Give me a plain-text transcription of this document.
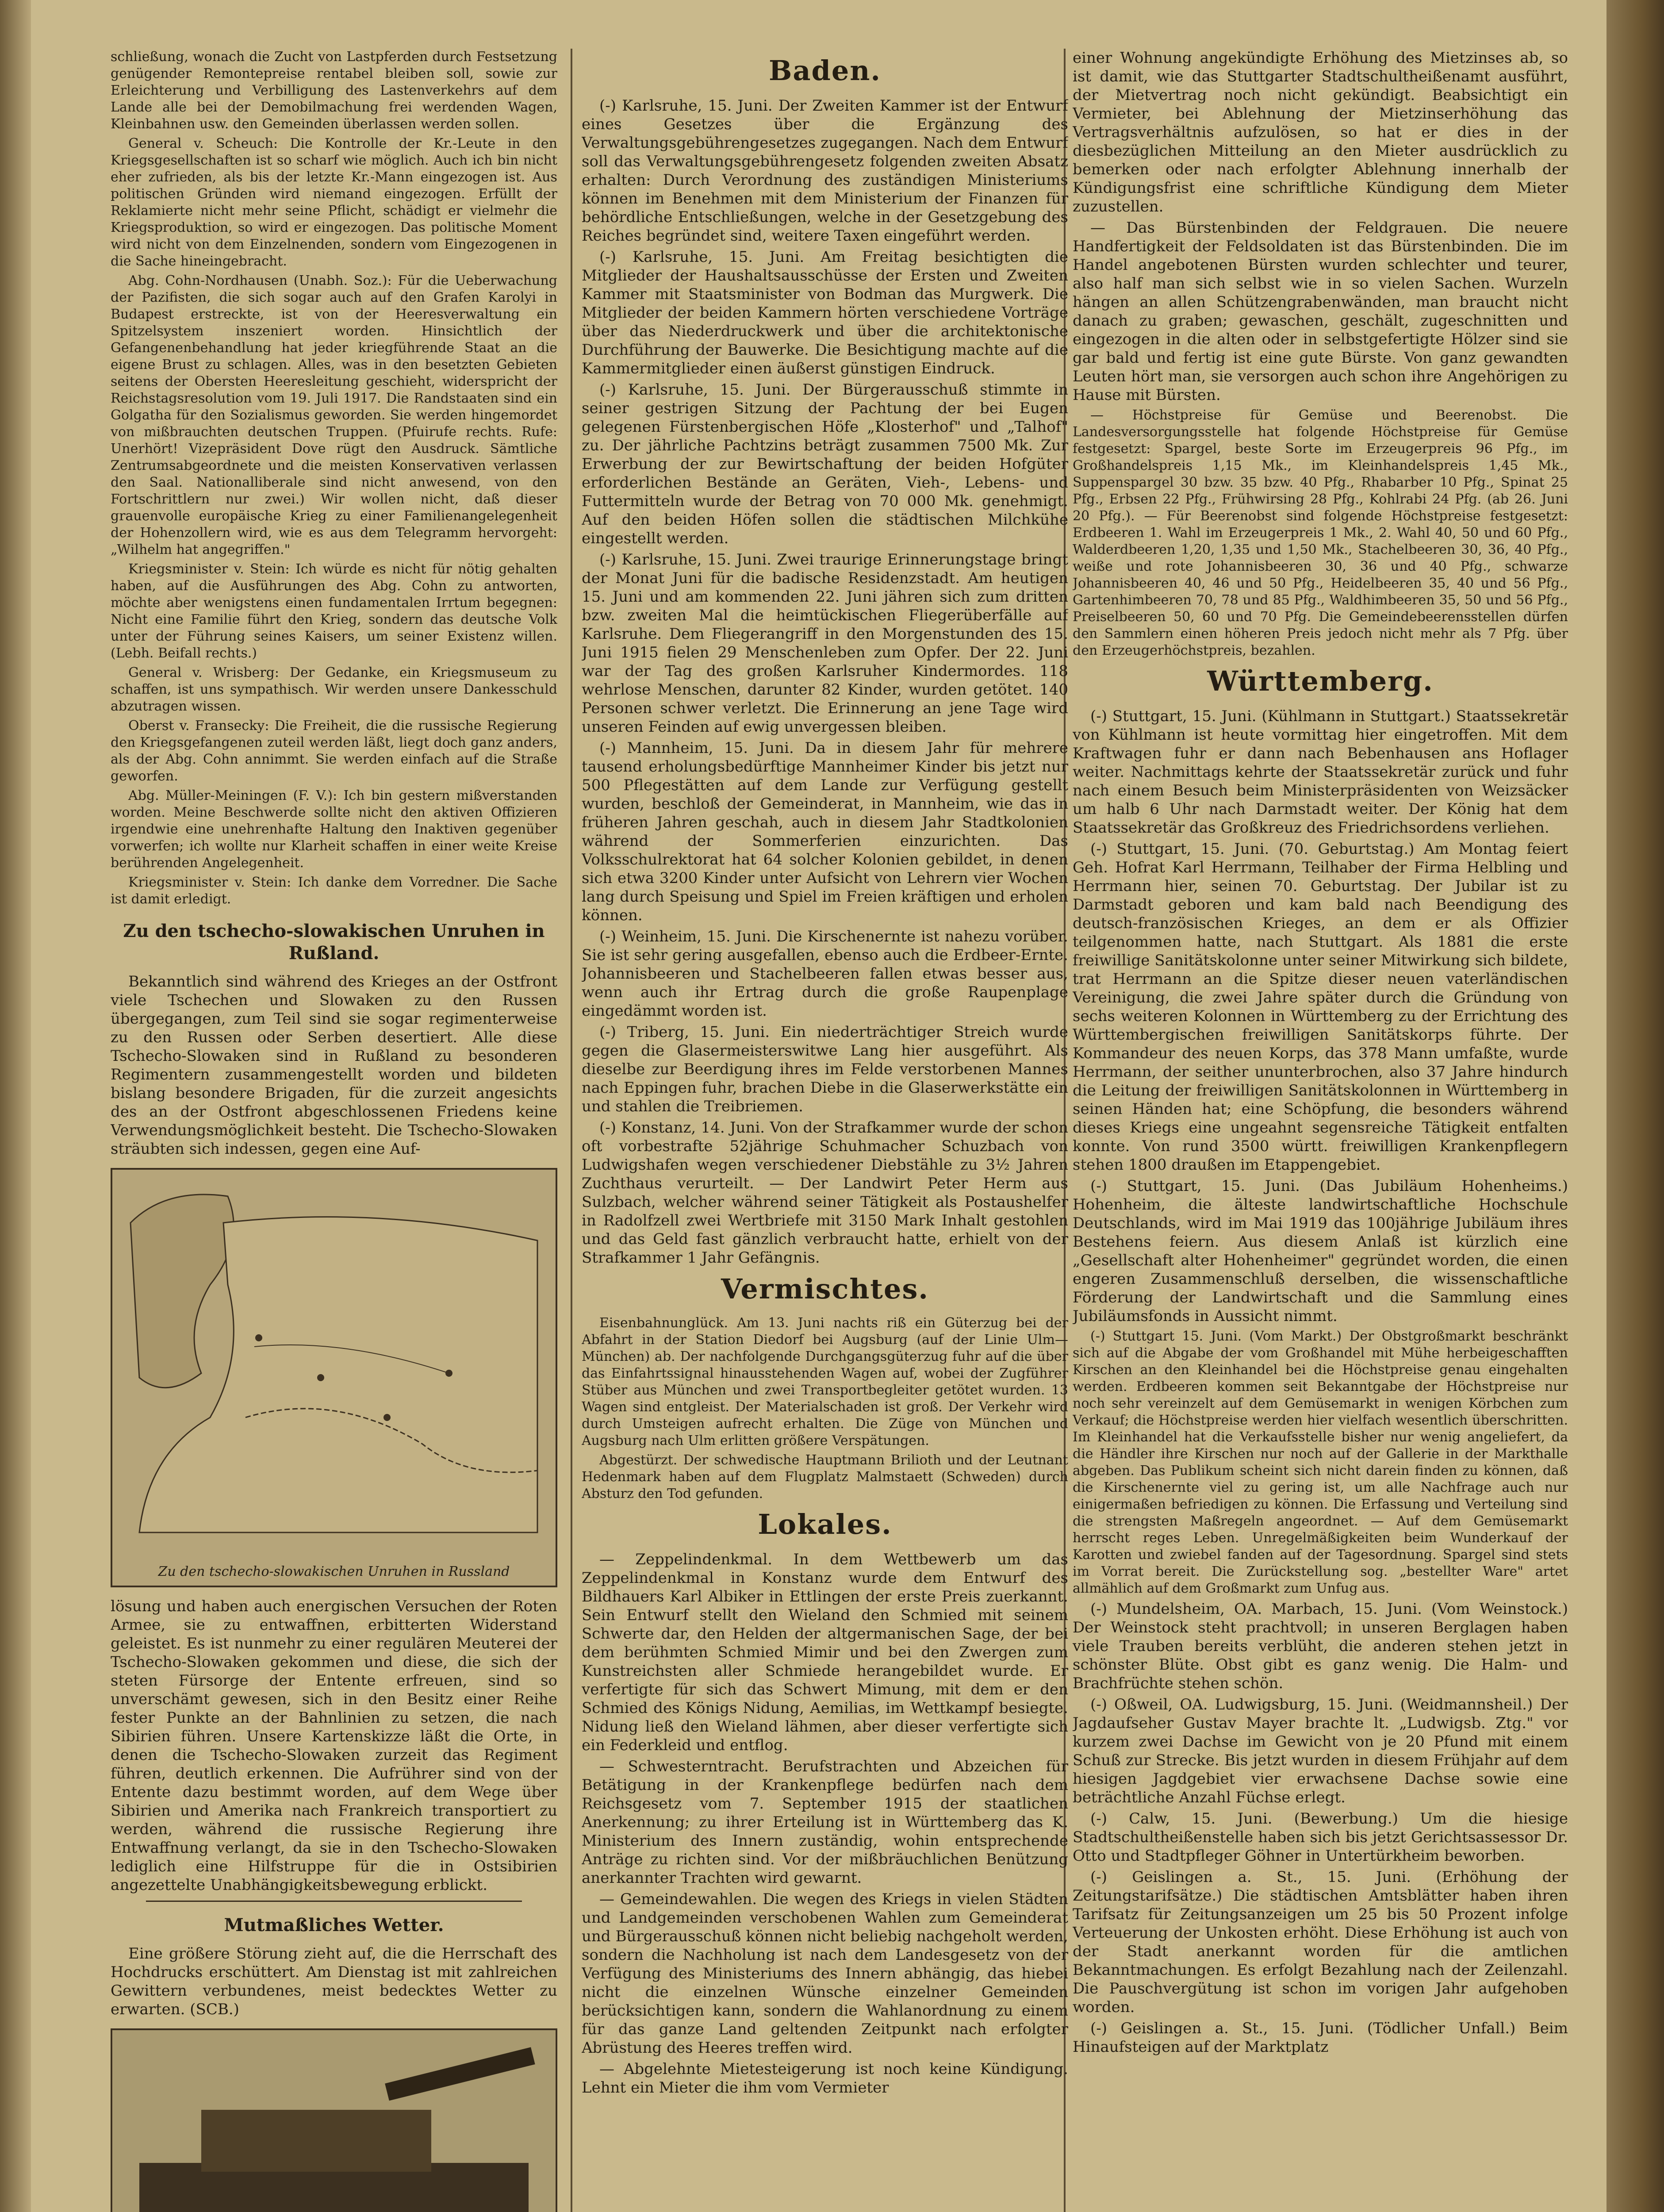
schließung, wonach die Zucht von Lastpferden durch Festsetzung genügender Remontepreise rentabel bleiben soll, sowie zur Erleichterung und Verbilligung des Lastenverkehrs auf dem Lande alle bei der Demobilmachung frei werdenden Wagen, Kleinbahnen usw. den Gemeinden überlassen werden sollen.

General v. Scheuch: Die Kontrolle der Kr.-Leute in den Kriegsgesellschaften ist so scharf wie möglich. Auch ich bin nicht eher zufrieden, als bis der letzte Kr.-Mann eingezogen ist. Aus politischen Gründen wird niemand eingezogen. Erfüllt der Reklamierte nicht mehr seine Pflicht, schädigt er vielmehr die Kriegsproduktion, so wird er eingezogen. Das politische Moment wird nicht von dem Einzelnenden, sondern vom Eingezogenen in die Sache hineingebracht.

Abg. Cohn-Nordhausen (Unabh. Soz.): Für die Ueberwachung der Pazifisten, die sich sogar auch auf den Grafen Karolyi in Budapest erstreckte, ist von der Heeresverwaltung ein Spitzelsystem inszeniert worden. Hinsichtlich der Gefangenenbehandlung hat jeder kriegführende Staat an die eigene Brust zu schlagen. Alles, was in den besetzten Gebieten seitens der Obersten Heeresleitung geschieht, widerspricht der Reichstagsresolution vom 19. Juli 1917. Die Randstaaten sind ein Golgatha für den Sozialismus geworden. Sie werden hingemordet von mißbrauchten deutschen Truppen. (Pfuirufe rechts. Rufe: Unerhört! Vizepräsident Dove rügt den Ausdruck. Sämtliche Zentrumsabgeordnete und die meisten Konservativen verlassen den Saal. Nationalliberale sind nicht anwesend, von den Fortschrittlern nur zwei.) Wir wollen nicht, daß dieser grauenvolle europäische Krieg zu einer Familienangelegenheit der Hohenzollern wird, wie es aus dem Telegramm hervorgeht: „Wilhelm hat angegriffen."

Kriegsminister v. Stein: Ich würde es nicht für nötig gehalten haben, auf die Ausführungen des Abg. Cohn zu antworten, möchte aber wenigstens einen fundamentalen Irrtum begegnen: Nicht eine Familie führt den Krieg, sondern das deutsche Volk unter der Führung seines Kaisers, um seiner Existenz willen. (Lebh. Beifall rechts.)

General v. Wrisberg: Der Gedanke, ein Kriegsmuseum zu schaffen, ist uns sympathisch. Wir werden unsere Dankesschuld abzutragen wissen.

Oberst v. Fransecky: Die Freiheit, die die russische Regierung den Kriegsgefangenen zuteil werden läßt, liegt doch ganz anders, als der Abg. Cohn annimmt. Sie werden einfach auf die Straße geworfen.

Abg. Müller-Meiningen (F. V.): Ich bin gestern mißverstanden worden. Meine Beschwerde sollte nicht den aktiven Offizieren irgendwie eine unehrenhafte Haltung den Inaktiven gegenüber vorwerfen; ich wollte nur Klarheit schaffen in einer weite Kreise berührenden Angelegenheit.

Kriegsminister v. Stein: Ich danke dem Vorredner. Die Sache ist damit erledigt.

Zu den tschecho-slowakischen Unruhen in Rußland.

Bekanntlich sind während des Krieges an der Ostfront viele Tschechen und Slowaken zu den Russen übergegangen, zum Teil sind sie sogar regimenterweise zu den Russen oder Serben desertiert. Alle diese Tschecho-Slowaken sind in Rußland zu besonderen Regimentern zusammengestellt worden und bildeten bislang besondere Brigaden, für die zurzeit angesichts des an der Ostfront abgeschlossenen Friedens keine Verwendungsmöglichkeit besteht. Die Tschecho-Slowaken sträubten sich indessen, gegen eine Auf-

Zu den tschecho-slowakischen Unruhen in Russland

lösung und haben auch energischen Versuchen der Roten Armee, sie zu entwaffnen, erbitterten Widerstand geleistet. Es ist nunmehr zu einer regulären Meuterei der Tschecho-Slowaken gekommen und diese, die sich der steten Fürsorge der Entente erfreuen, sind so unverschämt gewesen, sich in den Besitz einer Reihe fester Punkte an der Bahnlinien zu setzen, die nach Sibirien führen. Unsere Kartenskizze läßt die Orte, in denen die Tschecho-Slowaken zurzeit das Regiment führen, deutlich erkennen. Die Aufrührer sind von der Entente dazu bestimmt worden, auf dem Wege über Sibirien und Amerika nach Frankreich transportiert zu werden, während die russische Regierung ihre Entwaffnung verlangt, da sie in den Tschecho-Slowaken lediglich eine Hilfstruppe für die in Ostsibirien angezettelte Unabhängigkeitsbewegung erblickt.

Mutmaßliches Wetter.

Eine größere Störung zieht auf, die die Herrschaft des Hochdrucks erschüttert. Am Dienstag ist mit zahlreichen Gewittern verbundenes, meist bedecktes Wetter zu erwarten. (SCB.)

Baden.

(-) Karlsruhe, 15. Juni. Der Zweiten Kammer ist der Entwurf eines Gesetzes über die Ergänzung des Verwaltungsgebührengesetzes zugegangen. Nach dem Entwurf soll das Verwaltungsgebührengesetz folgenden zweiten Absatz erhalten: Durch Verordnung des zuständigen Ministeriums können im Benehmen mit dem Ministerium der Finanzen für behördliche Entschließungen, welche in der Gesetzgebung des Reiches begründet sind, weitere Taxen eingeführt werden.

(-) Karlsruhe, 15. Juni. Am Freitag besichtigten die Mitglieder der Haushaltsausschüsse der Ersten und Zweiten Kammer mit Staatsminister von Bodman das Murgwerk. Die Mitglieder der beiden Kammern hörten verschiedene Vorträge über das Niederdruckwerk und über die architektonische Durchführung der Bauwerke. Die Besichtigung machte auf die Kammermitglieder einen äußerst günstigen Eindruck.

(-) Karlsruhe, 15. Juni. Der Bürgerausschuß stimmte in seiner gestrigen Sitzung der Pachtung der bei Eugen gelegenen Fürstenbergischen Höfe „Klosterhof" und „Talhof" zu. Der jährliche Pachtzins beträgt zusammen 7500 Mk. Zur Erwerbung der zur Bewirtschaftung der beiden Hofgüter erforderlichen Bestände an Geräten, Vieh-, Lebens- und Futtermitteln wurde der Betrag von 70 000 Mk. genehmigt. Auf den beiden Höfen sollen die städtischen Milchkühe eingestellt werden.

(-) Karlsruhe, 15. Juni. Zwei traurige Erinnerungstage bringt der Monat Juni für die badische Residenzstadt. Am heutigen 15. Juni und am kommenden 22. Juni jähren sich zum dritten bzw. zweiten Mal die heimtückischen Fliegerüberfälle auf Karlsruhe. Dem Fliegerangriff in den Morgenstunden des 15. Juni 1915 fielen 29 Menschenleben zum Opfer. Der 22. Juni war der Tag des großen Karlsruher Kindermordes. 118 wehrlose Menschen, darunter 82 Kinder, wurden getötet. 140 Personen schwer verletzt. Die Erinnerung an jene Tage wird unseren Feinden auf ewig unvergessen bleiben.

(-) Mannheim, 15. Juni. Da in diesem Jahr für mehrere tausend erholungsbedürftige Mannheimer Kinder bis jetzt nur 500 Pflegestätten auf dem Lande zur Verfügung gestellt wurden, beschloß der Gemeinderat, in Mannheim, wie das in früheren Jahren geschah, auch in diesem Jahr Stadtkolonien während der Sommerferien einzurichten. Das Volksschulrektorat hat 64 solcher Kolonien gebildet, in denen sich etwa 3200 Kinder unter Aufsicht von Lehrern vier Wochen lang durch Speisung und Spiel im Freien kräftigen und erholen können.

(-) Weinheim, 15. Juni. Die Kirschenernte ist nahezu vorüber. Sie ist sehr gering ausgefallen, ebenso auch die Erdbeer-Ernte. Johannisbeeren und Stachelbeeren fallen etwas besser aus, wenn auch ihr Ertrag durch die große Raupenplage eingedämmt worden ist.

(-) Triberg, 15. Juni. Ein niederträchtiger Streich wurde gegen die Glasermeisterswitwe Lang hier ausgeführt. Als dieselbe zur Beerdigung ihres im Felde verstorbenen Mannes nach Eppingen fuhr, brachen Diebe in die Glaserwerkstätte ein und stahlen die Treibriemen.

(-) Konstanz, 14. Juni. Von der Strafkammer wurde der schon oft vorbestrafte 52jährige Schuhmacher Schuzbach von Ludwigshafen wegen verschiedener Diebstähle zu 3½ Jahren Zuchthaus verurteilt. — Der Landwirt Peter Herm aus Sulzbach, welcher während seiner Tätigkeit als Postaushelfer in Radolfzell zwei Wertbriefe mit 3150 Mark Inhalt gestohlen und das Geld fast gänzlich verbraucht hatte, erhielt von der Strafkammer 1 Jahr Gefängnis.

Vermischtes.

Eisenbahnunglück. Am 13. Juni nachts riß ein Güterzug bei der Abfahrt in der Station Diedorf bei Augsburg (auf der Linie Ulm—München) ab. Der nachfolgende Durchgangsgüterzug fuhr auf die über das Einfahrtssignal hinausstehenden Wagen auf, wobei der Zugführer Stüber aus München und zwei Transportbegleiter getötet wurden. 13 Wagen sind entgleist. Der Materialschaden ist groß. Der Verkehr wird durch Umsteigen aufrecht erhalten. Die Züge von München und Augsburg nach Ulm erlitten größere Verspätungen.

Abgestürzt. Der schwedische Hauptmann Brilioth und der Leutnant Hedenmark haben auf dem Flugplatz Malmstaett (Schweden) durch Absturz den Tod gefunden.

Lokales.

— Zeppelindenkmal. In dem Wettbewerb um das Zeppelindenkmal in Konstanz wurde dem Entwurf des Bildhauers Karl Albiker in Ettlingen der erste Preis zuerkannt. Sein Entwurf stellt den Wieland den Schmied mit seinem Schwerte dar, den Helden der altgermanischen Sage, der bei dem berühmten Schmied Mimir und bei den Zwergen zum Kunstreichsten aller Schmiede herangebildet wurde. Er verfertigte für sich das Schwert Mimung, mit dem er den Schmied des Königs Nidung, Aemilias, im Wettkampf besiegte. Nidung ließ den Wieland lähmen, aber dieser verfertigte sich ein Federkleid und entflog.

— Schwesterntracht. Berufstrachten und Abzeichen für Betätigung in der Krankenpflege bedürfen nach dem Reichsgesetz vom 7. September 1915 der staatlichen Anerkennung; zu ihrer Erteilung ist in Württemberg das K. Ministerium des Innern zuständig, wohin entsprechende Anträge zu richten sind. Vor der mißbräuchlichen Benützung anerkannter Trachten wird gewarnt.

— Gemeindewahlen. Die wegen des Kriegs in vielen Städten und Landgemeinden verschobenen Wahlen zum Gemeinderat und Bürgerausschuß können nicht beliebig nachgeholt werden, sondern die Nachholung ist nach dem Landesgesetz von der Verfügung des Ministeriums des Innern abhängig, das hiebei nicht die einzelnen Wünsche einzelner Gemeinden berücksichtigen kann, sondern die Wahlanordnung zu einem für das ganze Land geltenden Zeitpunkt nach erfolgter Abrüstung des Heeres treffen wird.

— Abgelehnte Mietesteigerung ist noch keine Kündigung. Lehnt ein Mieter die ihm vom Vermieter

einer Wohnung angekündigte Erhöhung des Mietzinses ab, so ist damit, wie das Stuttgarter Stadtschultheißenamt ausführt, der Mietvertrag noch nicht gekündigt. Beabsichtigt ein Vermieter, bei Ablehnung der Mietzinserhöhung das Vertragsverhältnis aufzulösen, so hat er dies in der diesbezüglichen Mitteilung an den Mieter ausdrücklich zu bemerken oder nach erfolgter Ablehnung innerhalb der Kündigungsfrist eine schriftliche Kündigung dem Mieter zuzustellen.

— Das Bürstenbinden der Feldgrauen. Die neuere Handfertigkeit der Feldsoldaten ist das Bürstenbinden. Die im Handel angebotenen Bürsten wurden schlechter und teurer, also half man sich selbst wie in so vielen Sachen. Wurzeln hängen an allen Schützengrabenwänden, man braucht nicht danach zu graben; gewaschen, geschält, zugeschnitten und eingezogen in die alten oder in selbstgefertigte Hölzer sind sie gar bald und fertig ist eine gute Bürste. Von ganz gewandten Leuten hört man, sie versorgen auch schon ihre Angehörigen zu Hause mit Bürsten.

— Höchstpreise für Gemüse und Beerenobst. Die Landesversorgungsstelle hat folgende Höchstpreise für Gemüse festgesetzt: Spargel, beste Sorte im Erzeugerpreis 96 Pfg., im Großhandelspreis 1,15 Mk., im Kleinhandelspreis 1,45 Mk., Suppenspargel 30 bzw. 35 bzw. 40 Pfg., Rhabarber 10 Pfg., Spinat 25 Pfg., Erbsen 22 Pfg., Frühwirsing 28 Pfg., Kohlrabi 24 Pfg. (ab 26. Juni 20 Pfg.). — Für Beerenobst sind folgende Höchstpreise festgesetzt: Erdbeeren 1. Wahl im Erzeugerpreis 1 Mk., 2. Wahl 40, 50 und 60 Pfg., Walderdbeeren 1,20, 1,35 und 1,50 Mk., Stachelbeeren 30, 36, 40 Pfg., weiße und rote Johannisbeeren 30, 36 und 40 Pfg., schwarze Johannisbeeren 40, 46 und 50 Pfg., Heidelbeeren 35, 40 und 56 Pfg., Gartenhimbeeren 70, 78 und 85 Pfg., Waldhimbeeren 35, 50 und 56 Pfg., Preiselbeeren 50, 60 und 70 Pfg. Die Gemeindebeerensstellen dürfen den Sammlern einen höheren Preis jedoch nicht mehr als 7 Pfg. über den Erzeugerhöchstpreis, bezahlen.

Württemberg.

(-) Stuttgart, 15. Juni. (Kühlmann in Stuttgart.) Staatssekretär von Kühlmann ist heute vormittag hier eingetroffen. Mit dem Kraftwagen fuhr er dann nach Bebenhausen ans Hoflager weiter. Nachmittags kehrte der Staatssekretär zurück und fuhr nach einem Besuch beim Ministerpräsidenten von Weizsäcker um halb 6 Uhr nach Darmstadt weiter. Der König hat dem Staatssekretär das Großkreuz des Friedrichsordens verliehen.

(-) Stuttgart, 15. Juni. (70. Geburtstag.) Am Montag feiert Geh. Hofrat Karl Herrmann, Teilhaber der Firma Helbling und Herrmann hier, seinen 70. Geburtstag. Der Jubilar ist zu Darmstadt geboren und kam bald nach Beendigung des deutsch-französischen Krieges, an dem er als Offizier teilgenommen hatte, nach Stuttgart. Als 1881 die erste freiwillige Sanitätskolonne unter seiner Mitwirkung sich bildete, trat Herrmann an die Spitze dieser neuen vaterländischen Vereinigung, die zwei Jahre später durch die Gründung von sechs weiteren Kolonnen in Württemberg zu der Errichtung des Württembergischen freiwilligen Sanitätskorps führte. Der Kommandeur des neuen Korps, das 378 Mann umfaßte, wurde Herrmann, der seither ununterbrochen, also 37 Jahre hindurch die Leitung der freiwilligen Sanitätskolonnen in Württemberg in seinen Händen hat; eine Schöpfung, die besonders während dieses Kriegs eine ungeahnt segensreiche Tätigkeit entfalten konnte. Von rund 3500 württ. freiwilligen Krankenpflegern stehen 1800 draußen im Etappengebiet.

(-) Stuttgart, 15. Juni. (Das Jubiläum Hohenheims.) Hohenheim, die älteste landwirtschaftliche Hochschule Deutschlands, wird im Mai 1919 das 100jährige Jubiläum ihres Bestehens feiern. Aus diesem Anlaß ist kürzlich eine „Gesellschaft alter Hohenheimer" gegründet worden, die einen engeren Zusammenschluß derselben, die wissenschaftliche Förderung der Landwirtschaft und die Sammlung eines Jubiläumsfonds in Aussicht nimmt.

(-) Stuttgart 15. Juni. (Vom Markt.) Der Obstgroßmarkt beschränkt sich auf die Abgabe der vom Großhandel mit Mühe herbeigeschafften Kirschen an den Kleinhandel bei die Höchstpreise genau eingehalten werden. Erdbeeren kommen seit Bekanntgabe der Höchstpreise nur noch sehr vereinzelt auf dem Gemüsemarkt in wenigen Körbchen zum Verkauf; die Höchstpreise werden hier vielfach wesentlich überschritten. Im Kleinhandel hat die Verkaufsstelle bisher nur wenig angeliefert, da die Händler ihre Kirschen nur noch auf der Gallerie in der Markthalle abgeben. Das Publikum scheint sich nicht darein finden zu können, daß die Kirschenernte viel zu gering ist, um alle Nachfrage auch nur einigermaßen befriedigen zu können. Die Erfassung und Verteilung sind die strengsten Maßregeln angeordnet. — Auf dem Gemüsemarkt herrscht reges Leben. Unregelmäßigkeiten beim Wunderkauf der Karotten und zwiebel fanden auf der Tagesordnung. Spargel sind stets im Vorrat bereit. Die Zurückstellung sog. „bestellter Ware" artet allmählich auf dem Großmarkt zum Unfug aus.

(-) Mundelsheim, OA. Marbach, 15. Juni. (Vom Weinstock.) Der Weinstock steht prachtvoll; in unseren Berglagen haben viele Trauben bereits verblüht, die anderen stehen jetzt in schönster Blüte. Obst gibt es ganz wenig. Die Halm- und Brachfrüchte stehen schön.

(-) Oßweil, OA. Ludwigsburg, 15. Juni. (Weidmannsheil.) Der Jagdaufseher Gustav Mayer brachte lt. „Ludwigsb. Ztg." vor kurzem zwei Dachse im Gewicht von je 20 Pfund mit einem Schuß zur Strecke. Bis jetzt wurden in diesem Frühjahr auf dem hiesigen Jagdgebiet vier erwachsene Dachse sowie eine beträchtliche Anzahl Füchse erlegt.

(-) Calw, 15. Juni. (Bewerbung.) Um die hiesige Stadtschultheißenstelle haben sich bis jetzt Gerichtsassessor Dr. Otto und Stadtpfleger Göhner in Untertürkheim beworben.

(-) Geislingen a. St., 15. Juni. (Erhöhung der Zeitungstarifsätze.) Die städtischen Amtsblätter haben ihren Tarifsatz für Zeitungsanzeigen um 25 bis 50 Prozent infolge Verteuerung der Unkosten erhöht. Diese Erhöhung ist auch von der Stadt anerkannt worden für die amtlichen Bekanntmachungen. Es erfolgt Bezahlung nach der Zeilenzahl. Die Pauschvergütung ist schon im vorigen Jahr aufgehoben worden.

(-) Geislingen a. St., 15. Juni. (Tödlicher Unfall.) Beim Hinaufsteigen auf der Marktplatz
